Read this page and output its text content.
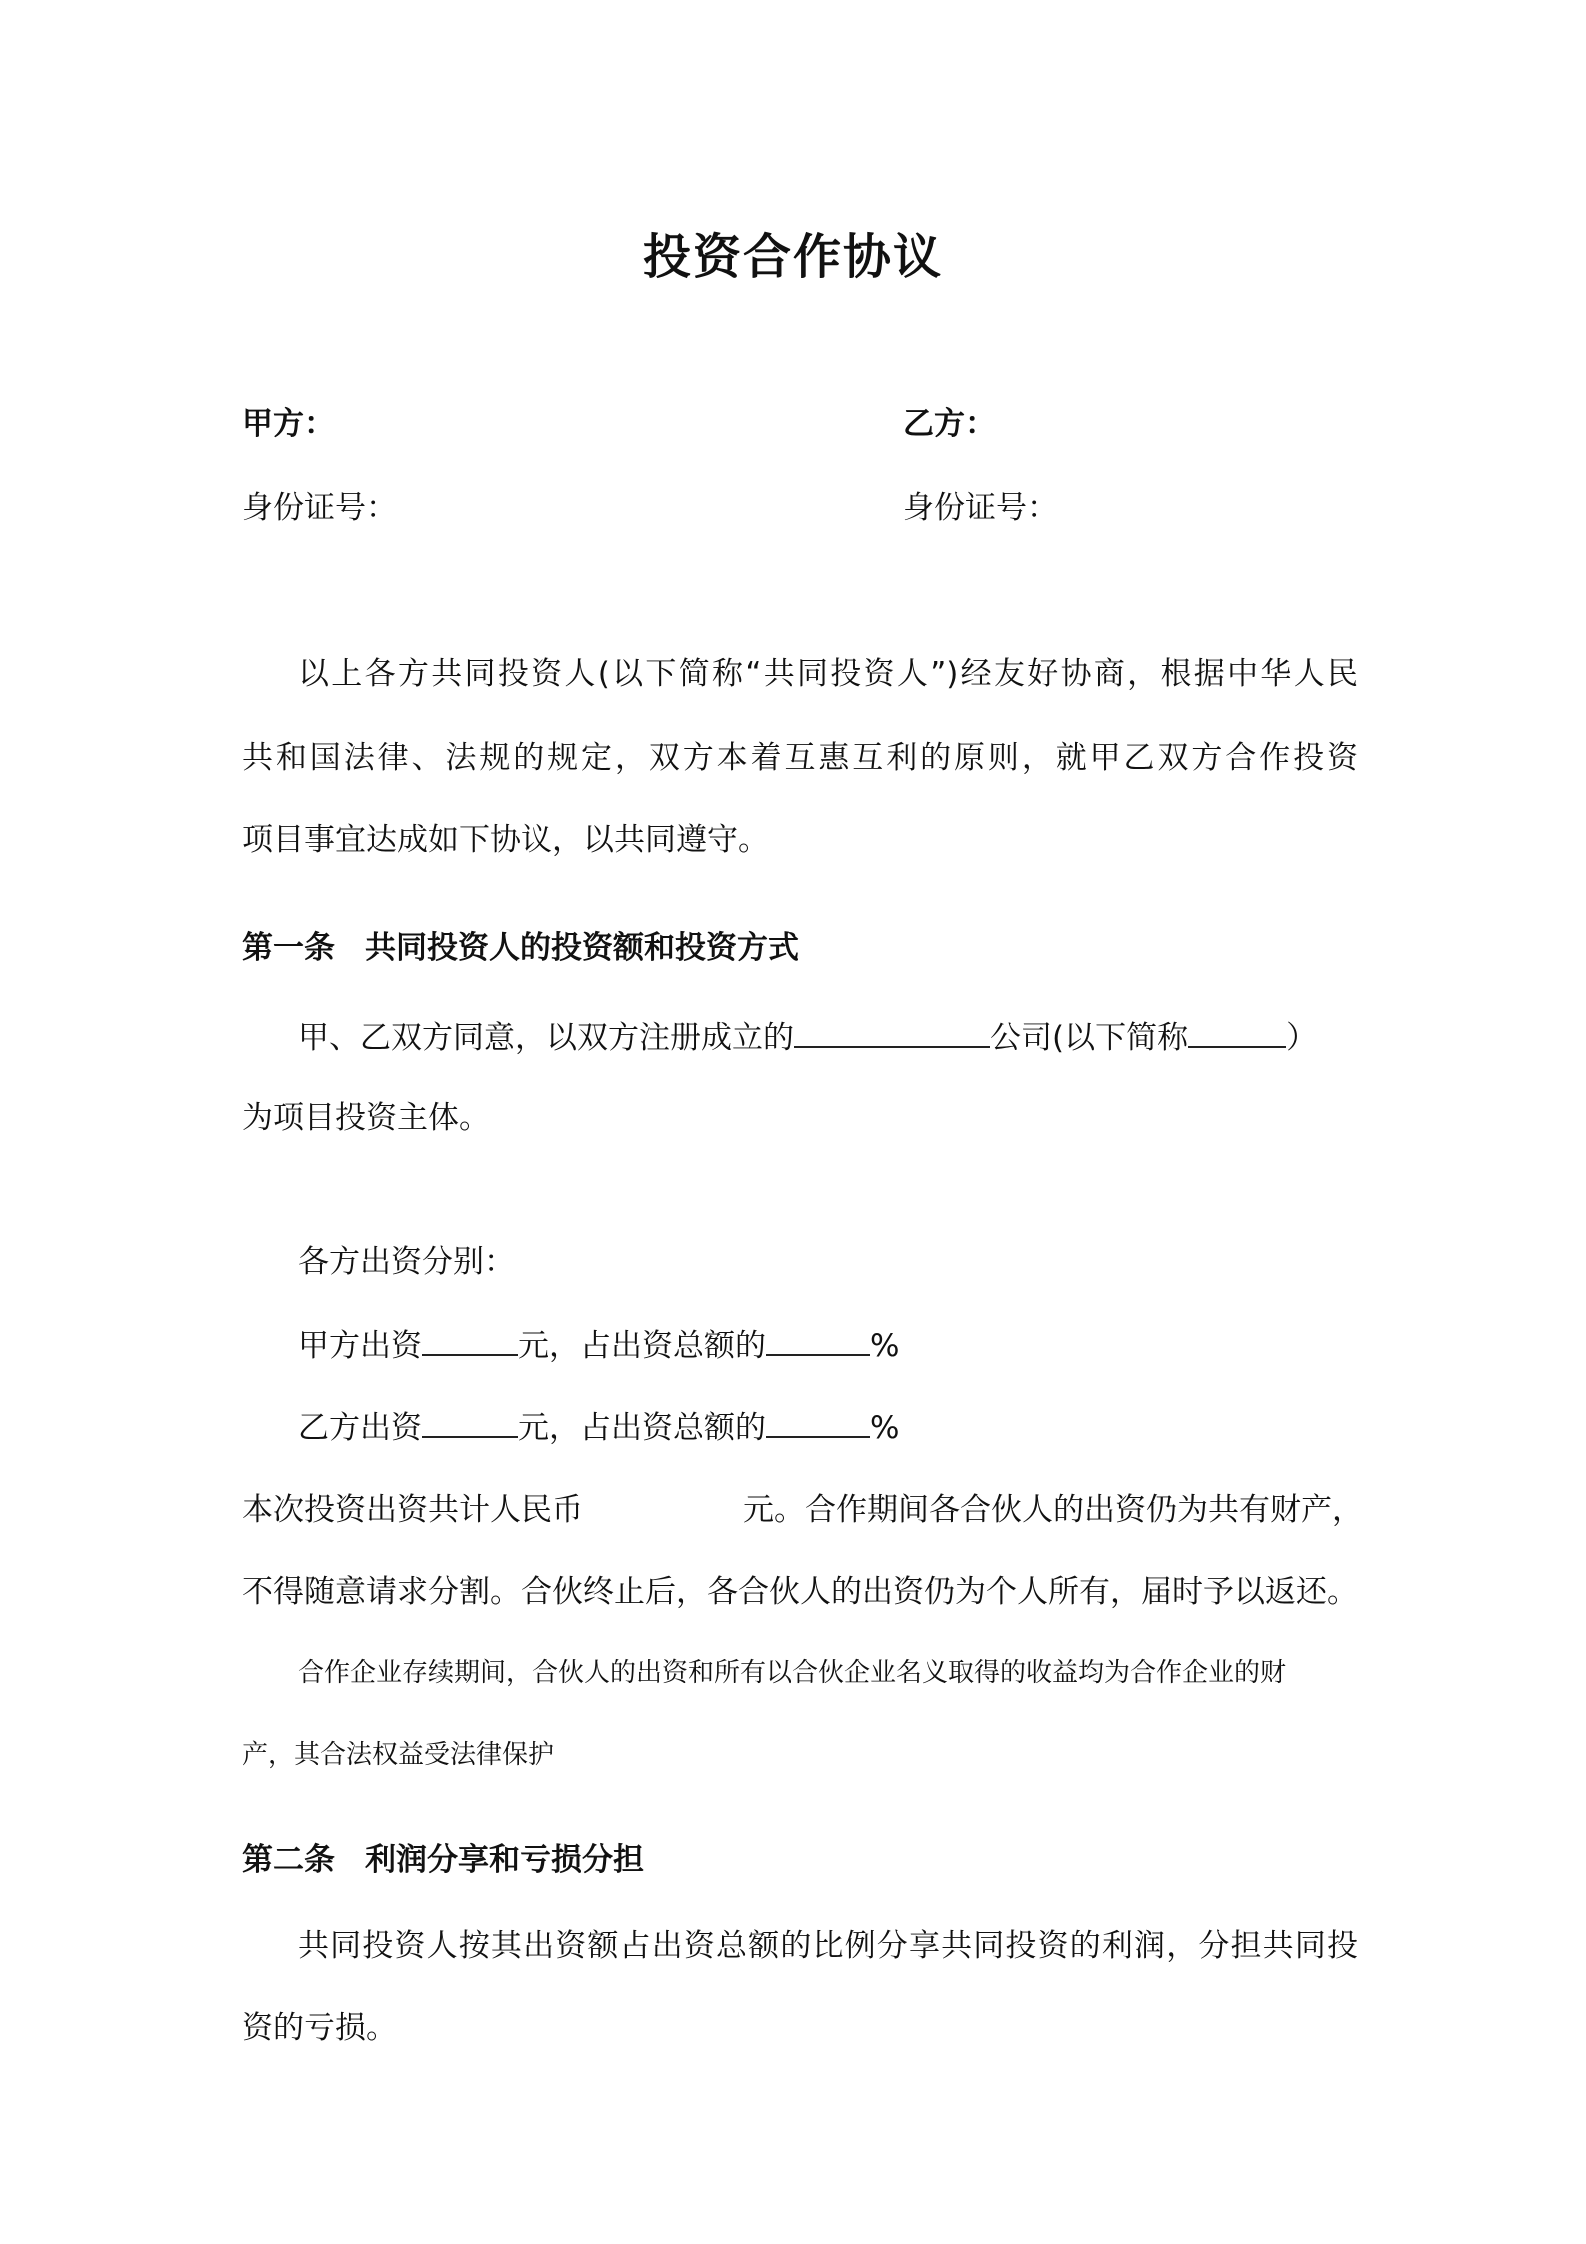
投资合作协议
甲方：	乙方：
身份证号：	身份证号：
以上各方共同投资人(以下简称“共同投资人”)经友好协商，根据中华人民
共和国法律、法规的规定，双方本着互惠互利的原则，就甲乙双方合作投资
项目事宜达成如下协议，以共同遵守。
第一条 共同投资人的投资额和投资方式
甲、乙双方同意，以双方注册成立的	公司(以下简称	）
为项目投资主体。
各方出资分别：
甲方出资	元，占出资总额的	%
乙方出资	元，占出资总额的	%
本次投资出资共计人民币	元。合作期间各合伙人的出资仍为共有财产，
不得随意请求分割。合伙终止后，各合伙人的出资仍为个人所有，届时予以返还。
合作企业存续期间，合伙人的出资和所有以合伙企业名义取得的收益均为合作企业的财
产，其合法权益受法律保护
第二条 利润分享和亏损分担
共同投资人按其出资额占出资总额的比例分享共同投资的利润，分担共同投
资的亏损。
